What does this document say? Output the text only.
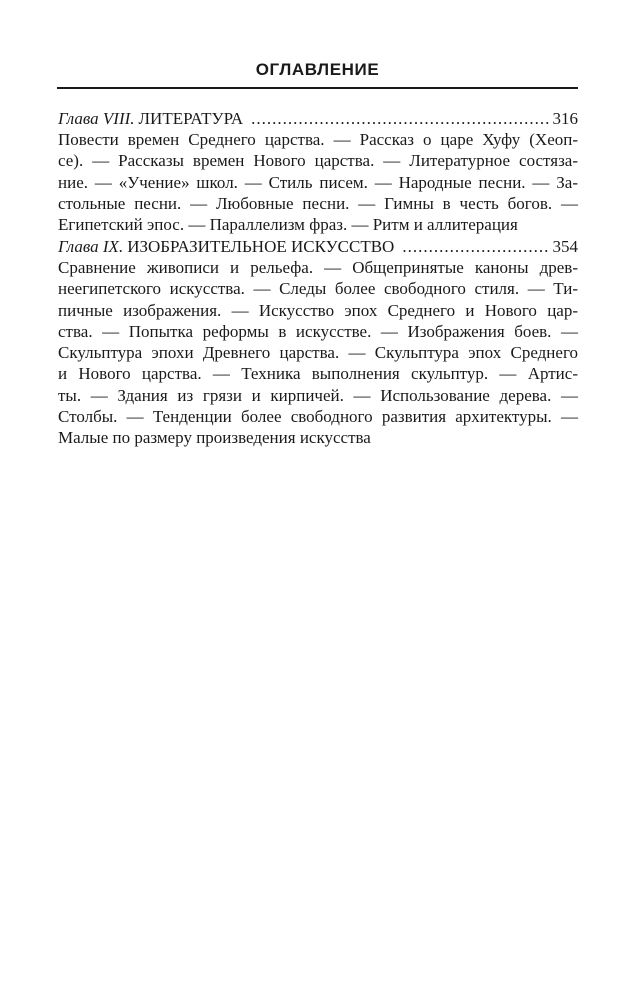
ОГЛАВЛЕНИЕ
Глава VIII. ЛИТЕРАТУРА .....	316
Повести времен Среднего царства. — Рассказ о царе Хуфу (Хеоп-
се). — Рассказы времен Нового царства. — Литературное состяза-
ние. — «Учение» школ. — Стиль писем. — Народные песни. — За-
стольные песни. — Любовные песни. — Гимны в честь богов. —
Египетский эпос. — Параллелизм фраз. — Ритм и аллитерация
Глава IX. ИЗОБРАЗИТЕЛЬНОЕ ИСКУССТВО .....	354
Сравнение живописи и рельефа. — Общепринятые каноны древ-
неегипетского искусства. — Следы более свободного стиля. — Ти-
пичные изображения. — Искусство эпох Среднего и Нового цар-
ства. — Попытка реформы в искусстве. — Изображения боев. —
Скульптура эпохи Древнего царства. — Скульптура эпох Среднего
и Нового царства. — Техника выполнения скульптур. — Артис-
ты. — Здания из грязи и кирпичей. — Использование дерева. —
Столбы. — Тенденции более свободного развития архитектуры. —
Малые по размеру произведения искусства
